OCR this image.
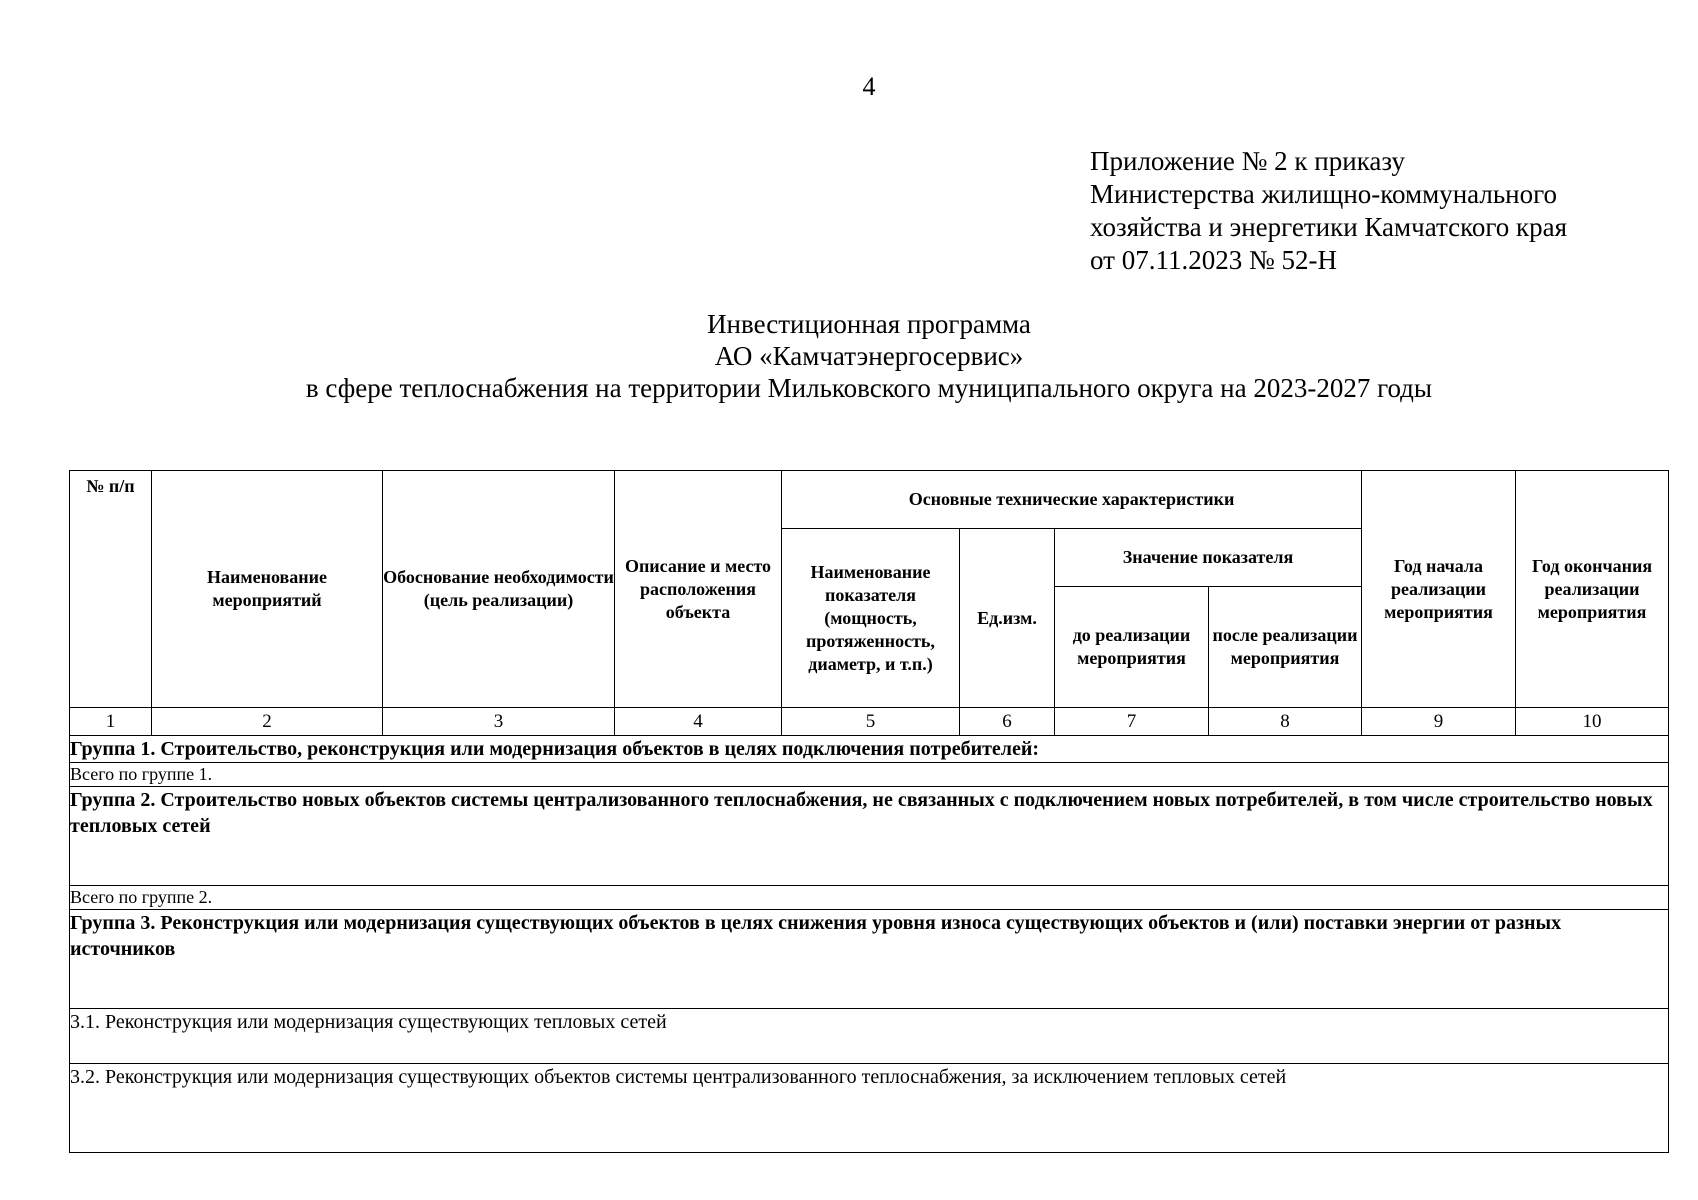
4
Приложение № 2 к приказу
Министерства жилищно-коммунального
хозяйства и энергетики Камчатского края
от 07.11.2023 № 52-Н
Инвестиционная программа
АО «Камчатэнергосервис»
в сфере теплоснабжения на территории Мильковского муниципального округа на 2023-2027 годы
№ п/п	Наименование мероприятий	Обоснование необходимости (цель реализации)	Описание и место расположения объекта	Основные технические характеристики				Год начала реализации мероприятия	Год окончания реализации мероприятия
				Наименование показателя (мощность, протяженность, диаметр, и т.п.)	Ед.изм.	Значение показателя			
						до реализации мероприятия	после реализации мероприятия		
1	2	3	4	5	6	7	8	9	10
Группа 1. Строительство, реконструкция или модернизация объектов в целях подключения потребителей:									
Всего по группе 1.									
Группа 2. Строительство новых объектов системы централизованного теплоснабжения, не связанных с подключением новых потребителей, в том числе строительство новых тепловых сетей									
Всего по группе 2.									
Группа 3. Реконструкция или модернизация существующих объектов в целях снижения уровня износа существующих объектов и (или) поставки энергии от разных источников									
3.1. Реконструкция или модернизация существующих тепловых сетей									
3.2. Реконструкция или модернизация существующих объектов системы централизованного теплоснабжения, за исключением тепловых сетей									
